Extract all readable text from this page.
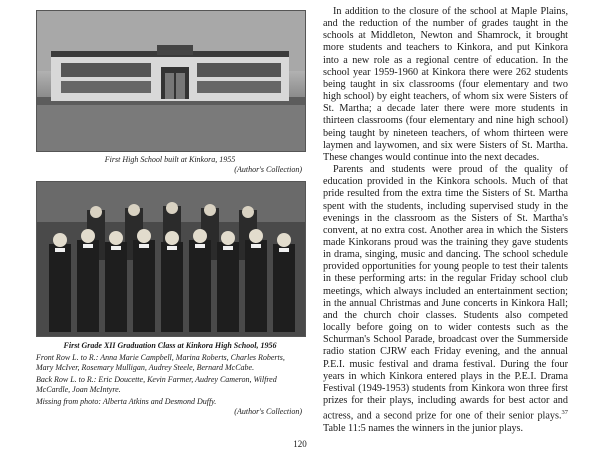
First High School built at Kinkora, 1955
(Author's Collection)
First Grade XII Graduation Class at Kinkora High School, 1956

Front Row L. to R.: Anna Marie Campbell, Marina Roberts, Charles Roberts, Mary McIver, Rosemary Mulligan, Audrey Steele, Bernard McCabe.

Back Row L. to R.: Eric Doucette, Kevin Farmer, Audrey Cameron, Wilfred McCardle, Joan McIntyre.

Missing from photo: Alberta Atkins and Desmond Duffy.

(Author's Collection)

In addition to the closure of the school at Maple Plains, and the reduction of the number of grades taught in the schools at Middleton, Newton and Shamrock, it brought more students and teachers to Kinkora, and put Kinkora into a new role as a regional centre of education. In the school year 1959-1960 at Kinkora there were 262 students being taught in six classrooms (four elementary and two high school) by eight teachers, of whom six were Sisters of St. Martha; a decade later there were more students in thirteen classrooms (four elementary and nine high school) being taught by nineteen teachers, of whom thirteen were laymen and laywomen, and six were Sisters of St. Martha. These changes would continue into the next decades.

Parents and students were proud of the quality of education provided in the Kinkora schools. Much of that pride resulted from the extra time the Sisters of St. Martha spent with the students, including supervised study in the evenings in the classroom as the Sisters of St. Martha's convent, at no extra cost. Another area in which the Sisters made Kinkorans proud was the training they gave students in drama, singing, music and dancing. The school schedule provided opportunities for young people to test their talents in these performing arts: in the regular Friday school club meetings, which always included an entertainment section; in the annual Christmas and June concerts in Kinkora Hall; and the church choir classes. Students also competed locally before going on to wider contests such as the Schurman's School Parade, broadcast over the Summerside radio station CJRW each Friday evening, and the annual P.E.I. music festival and drama festival. During the four years in which Kinkora entered plays in the P.E.I. Drama Festival (1949-1953) students from Kinkora won three first prizes for their plays, including awards for best actor and actress, and a second prize for one of their senior plays.$^{37}$ Table 11:5 names the winners in the junior plays.

120
